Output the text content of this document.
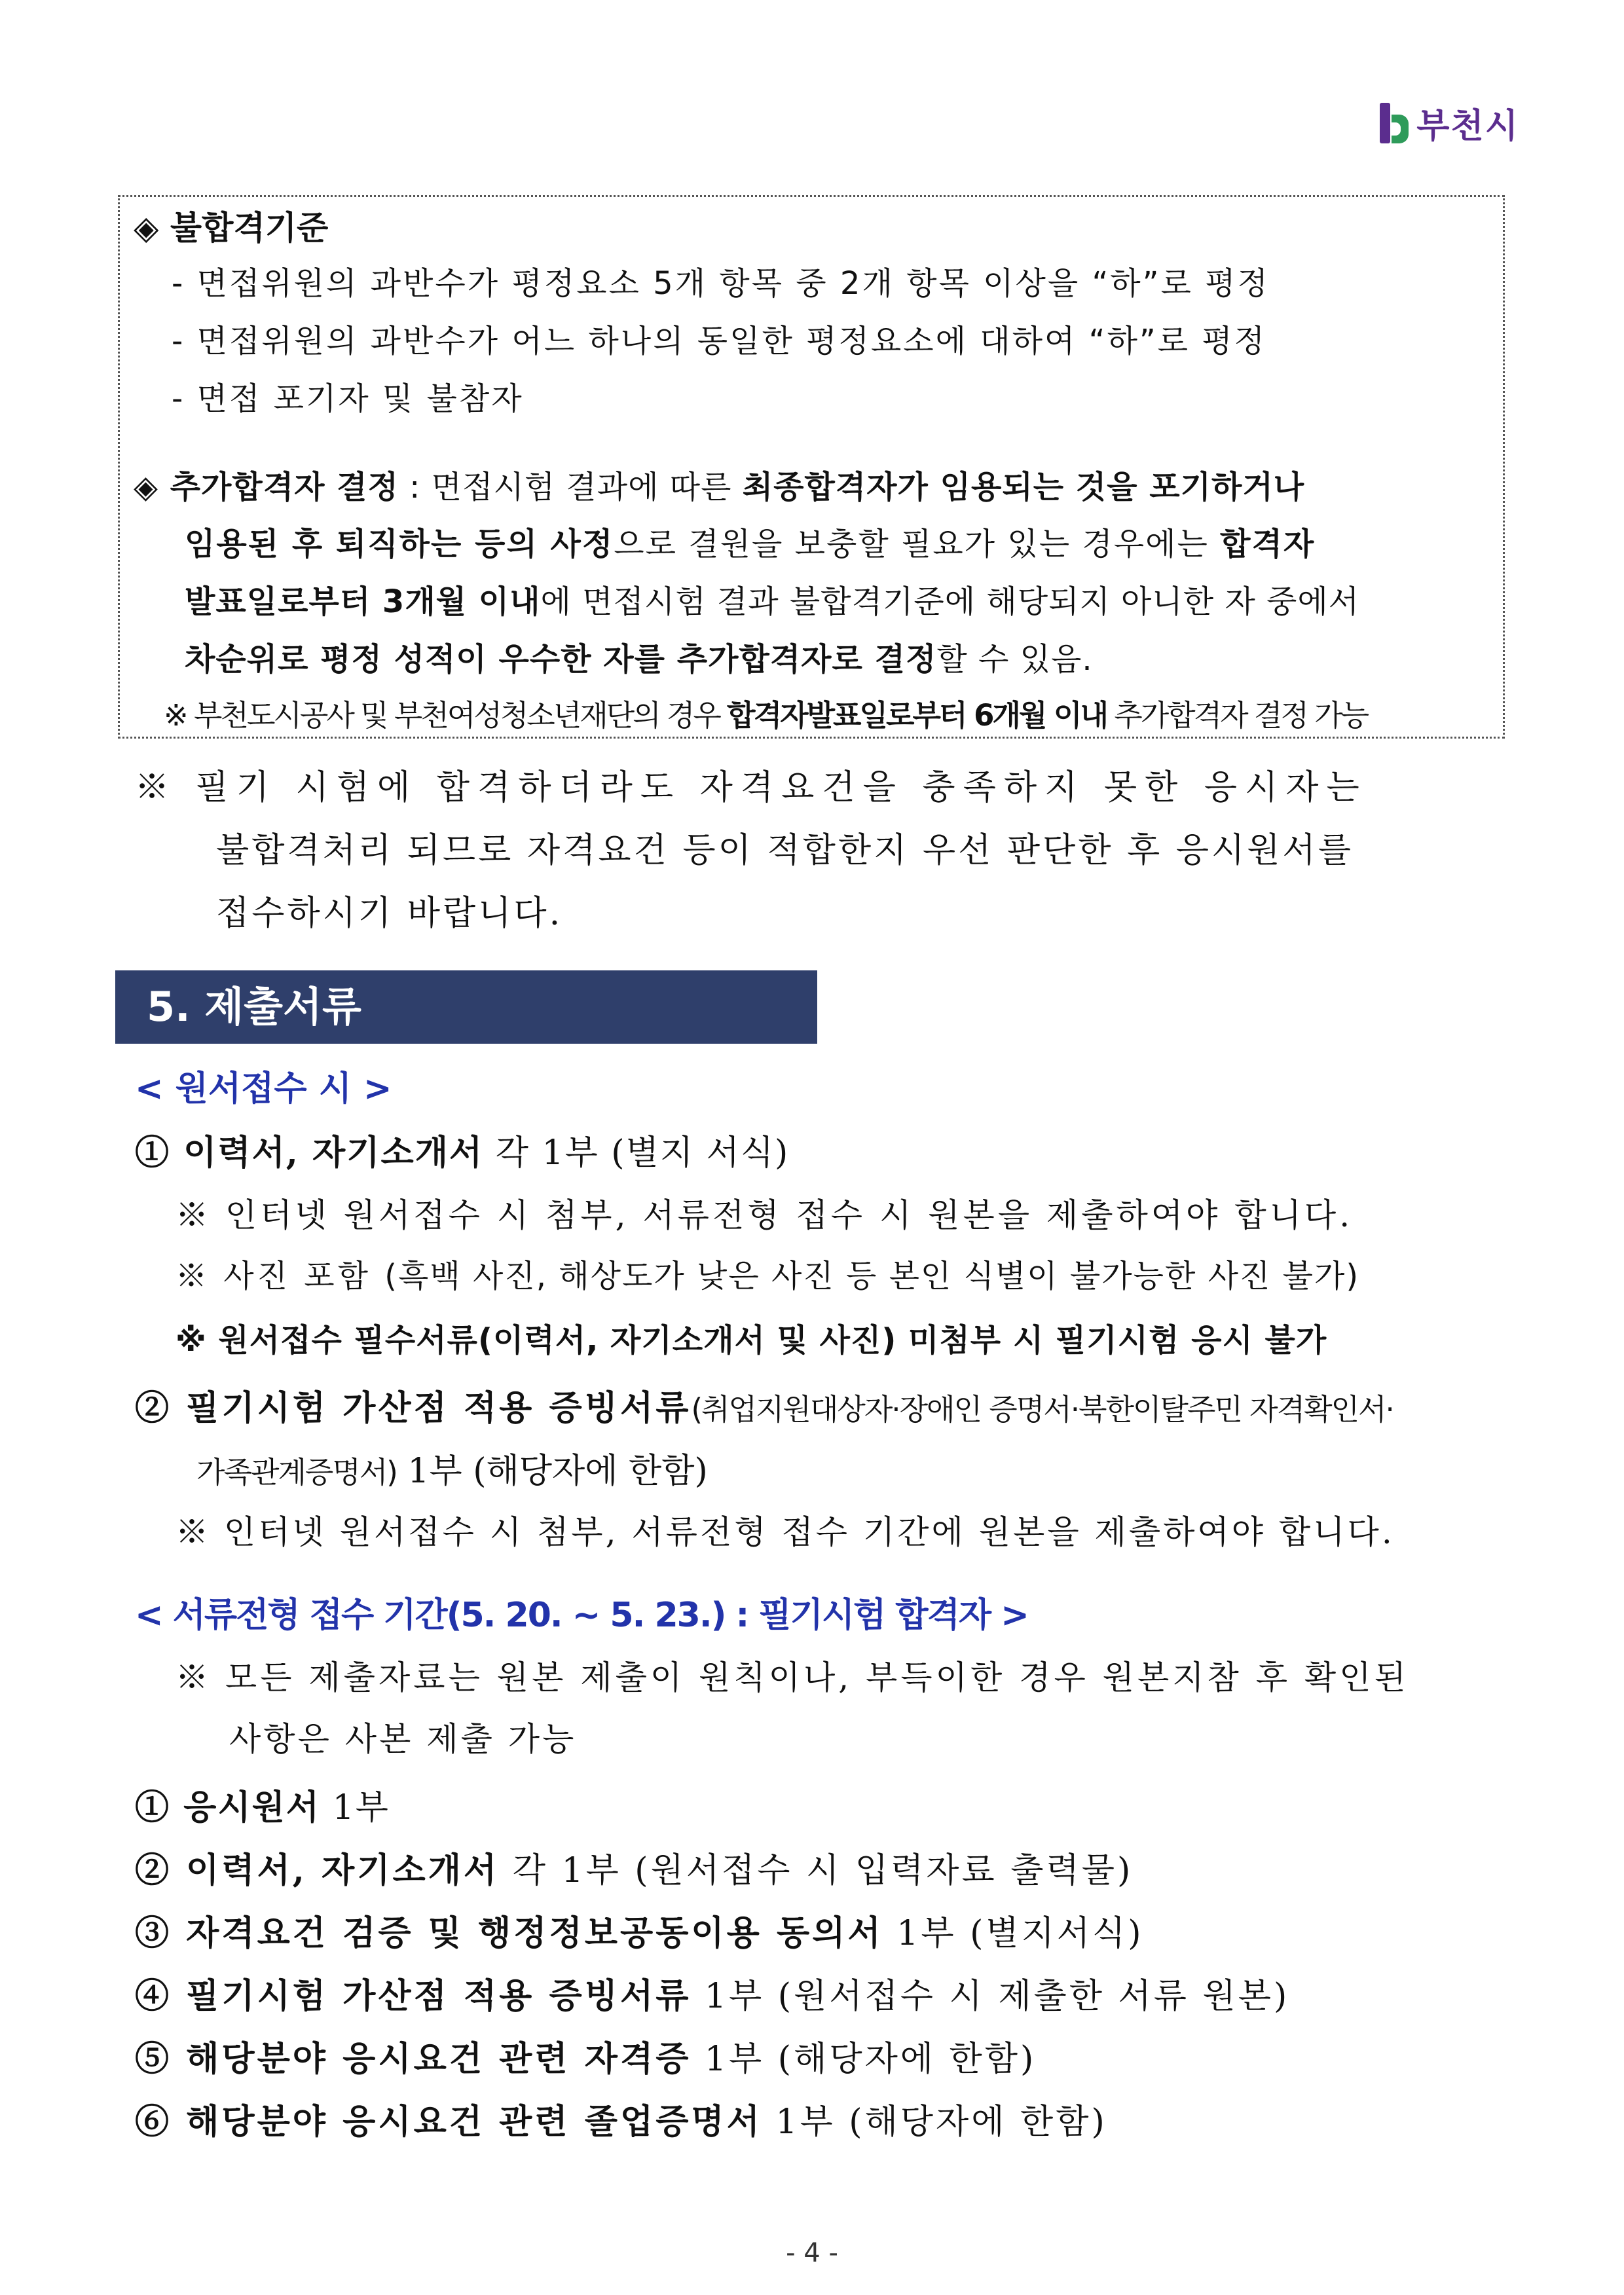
부천시
◈ 불합격기준
- 면접위원의 과반수가 평정요소 5개 항목 중 2개 항목 이상을 “하”로 평정
- 면접위원의 과반수가 어느 하나의 동일한 평정요소에 대하여 “하”로 평정
- 면접 포기자 및 불참자
◈ 추가합격자 결정 : 면접시험 결과에 따른 최종합격자가 임용되는 것을 포기하거나
임용된 후 퇴직하는 등의 사정으로 결원을 보충할 필요가 있는 경우에는 합격자
발표일로부터 3개월 이내에 면접시험 결과 불합격기준에 해당되지 아니한 자 중에서
차순위로 평정 성적이 우수한 자를 추가합격자로 결정할 수 있음.
※ 부천도시공사 및 부천여성청소년재단의 경우 합격자발표일로부터 6개월 이내 추가합격자 결정 가능
※ 필기 시험에 합격하더라도 자격요건을 충족하지 못한 응시자는
불합격처리 되므로 자격요건 등이 적합한지 우선 판단한 후 응시원서를
접수하시기 바랍니다.
5. 제출서류
< 원서접수 시 >
① 이력서, 자기소개서 각 1부 (별지 서식)
※ 인터넷 원서접수 시 첨부, 서류전형 접수 시 원본을 제출하여야 합니다.
※ 사진 포함 (흑백 사진, 해상도가 낮은 사진 등 본인 식별이 불가능한 사진 불가)
※ 원서접수 필수서류(이력서, 자기소개서 및 사진) 미첨부 시 필기시험 응시 불가
② 필기시험 가산점 적용 증빙서류(취업지원대상자·장애인 증명서·북한이탈주민 자격확인서·
가족관계증명서) 1부 (해당자에 한함)
※ 인터넷 원서접수 시 첨부, 서류전형 접수 기간에 원본을 제출하여야 합니다.
< 서류전형 접수 기간(5. 20. ~ 5. 23.) : 필기시험 합격자 >
※ 모든 제출자료는 원본 제출이 원칙이나, 부득이한 경우 원본지참 후 확인된
사항은 사본 제출 가능
① 응시원서 1부
② 이력서, 자기소개서 각 1부 (원서접수 시 입력자료 출력물)
③ 자격요건 검증 및 행정정보공동이용 동의서 1부 (별지서식)
④ 필기시험 가산점 적용 증빙서류 1부 (원서접수 시 제출한 서류 원본)
⑤ 해당분야 응시요건 관련 자격증 1부 (해당자에 한함)
⑥ 해당분야 응시요건 관련 졸업증명서 1부 (해당자에 한함)
- 4 -
